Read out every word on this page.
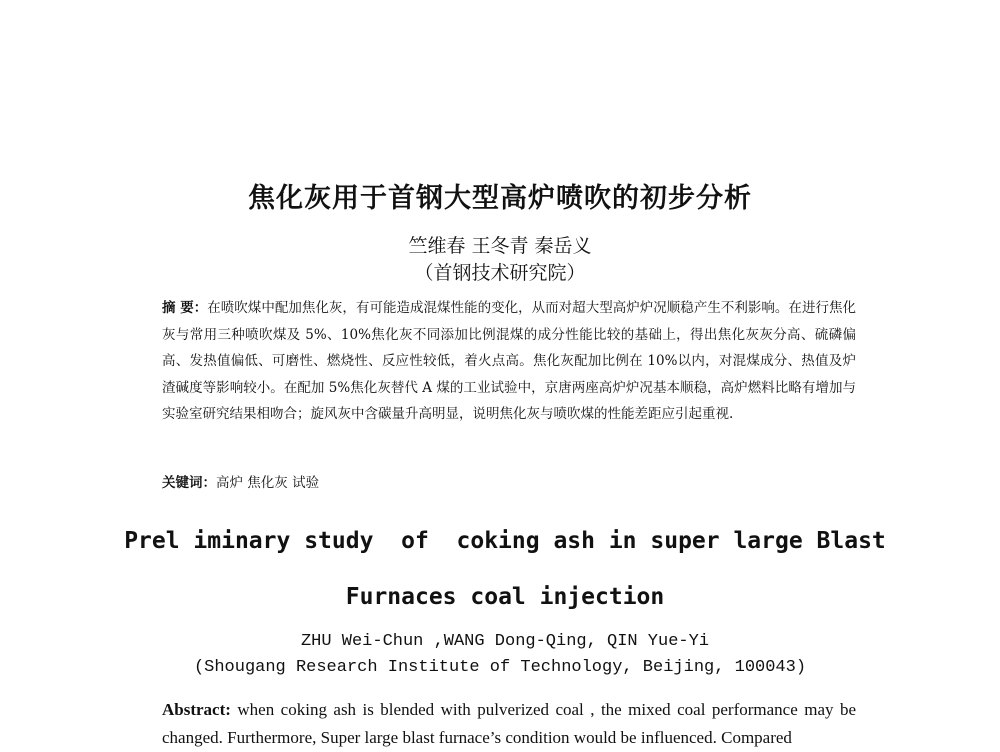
焦化灰用于首钢大型高炉喷吹的初步分析
竺维春 王冬青 秦岳义
（首钢技术研究院）

摘 要：在喷吹煤中配加焦化灰，有可能造成混煤性能的变化，从而对超大型高炉炉况顺稳产生不利影响。在进行焦化灰与常用三种喷吹煤及 5%、10%焦化灰不同添加比例混煤的成分性能比较的基础上，得出焦化灰灰分高、硫磷偏高、发热值偏低、可磨性、燃烧性、反应性较低，着火点高。焦化灰配加比例在 10%以内，对混煤成分、热值及炉渣碱度等影响较小。在配加 5%焦化灰替代 A 煤的工业试验中，京唐两座高炉炉况基本顺稳，高炉燃料比略有增加与实验室研究结果相吻合；旋风灰中含碳量升高明显，说明焦化灰与喷吹煤的性能差距应引起重视.

关键词：高炉 焦化灰 试验

Prel iminary study  of  coking ash in super large Blast
Furnaces coal injection
ZHU Wei-Chun ,WANG Dong-Qing, QIN Yue-Yi
(Shougang Research Institute of Technology, Beijing, 100043)

Abstract: when coking ash is blended with pulverized coal , the mixed coal performance may be changed. Furthermore, Super large blast furnace’s condition would be influenced. Compared
